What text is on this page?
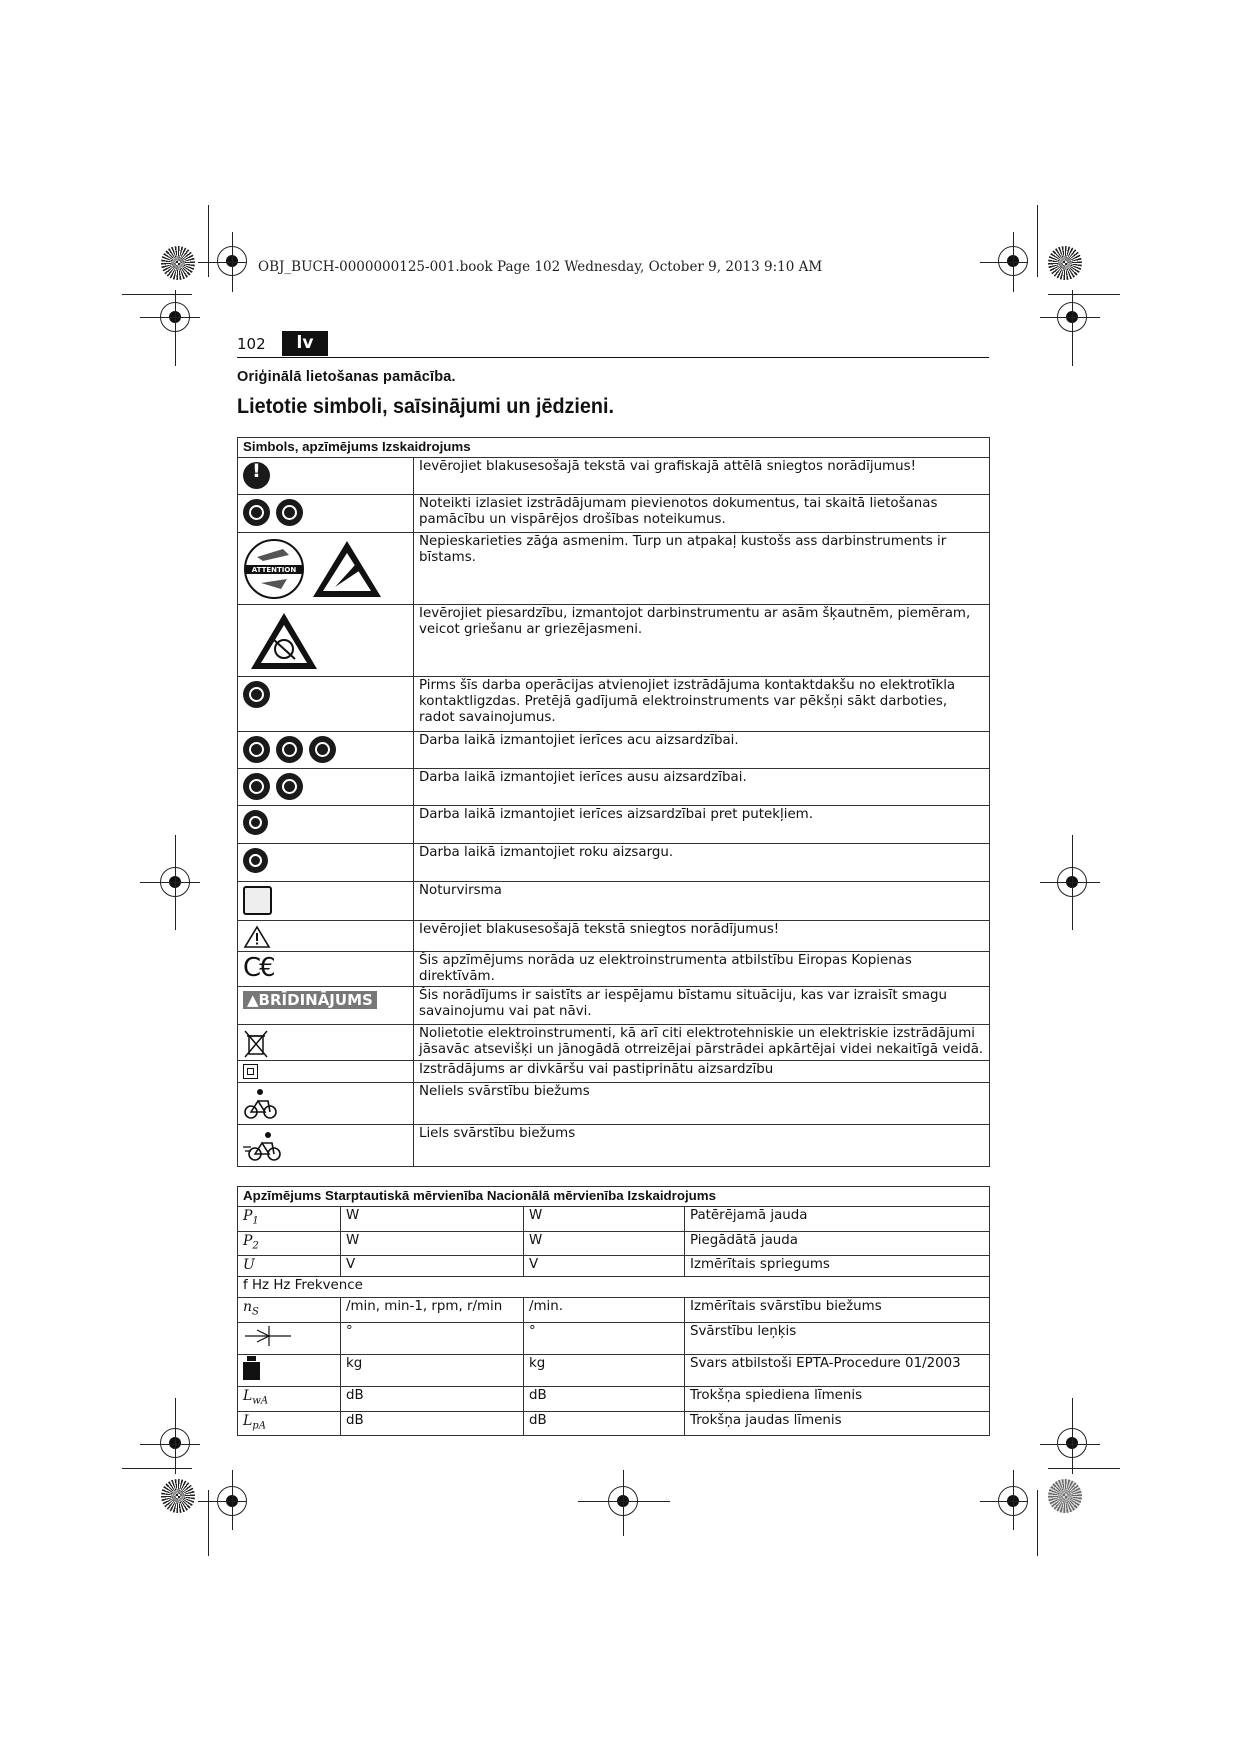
OBJ_BUCH-0000000125-001.book Page 102 Wednesday, October 9, 2013 9:10 AM
102	lv
Oriģinālā lietošanas pamācība.
Lietotie simboli, saīsinājumi un jēdzieni.
Simbols, apzīmējums Izskaidrojums	

!	Ievērojiet blakusesošajā tekstā vai grafiskajā attēlā sniegtos norādījumus!

	Noteikti izlasiet izstrādājumam pievienotos dokumentus, tai skaitā lietošanas pamācību un vispārējos drošības noteikumus.

ATTENTION	Nepieskarieties zāģa asmenim. Turp un atpakaļ kustošs ass darbinstruments ir bīstams.

	Ievērojiet piesardzību, izmantojot darbinstrumentu ar asām šķautnēm, piemēram, veicot griešanu ar griezējasmeni.

	Pirms šīs darba operācijas atvienojiet izstrādājuma kontaktdakšu no elektrotīkla kontaktligzdas. Pretējā gadījumā elektroinstruments var pēkšņi sākt darboties, radot savainojumus.

	Darba laikā izmantojiet ierīces acu aizsardzībai.

	Darba laikā izmantojiet ierīces ausu aizsardzībai.

	Darba laikā izmantojiet ierīces aizsardzībai pret putekļiem.

	Darba laikā izmantojiet roku aizsargu.

	Noturvirsma

	Ievērojiet blakusesošajā tekstā sniegtos norādījumus!

C€	Šis apzīmējums norāda uz elektroinstrumenta atbilstību Eiropas Kopienas direktīvām.

▲BRĪDINĀJUMS	Šis norādījums ir saistīts ar iespējamu bīstamu situāciju, kas var izraisīt smagu savainojumu vai pat nāvi.

	Nolietotie elektroinstrumenti, kā arī citi elektrotehniskie un elektriskie izstrādājumi jāsavāc atsevišķi un jānogādā otrreizējai pārstrādei apkārtējai videi nekaitīgā veidā.

	Izstrādājums ar divkāršu vai pastiprinātu aizsardzību

	Neliels svārstību biežums

	Liels svārstību biežums
Apzīmējums Starptautiskā mērvienība Nacionālā mērvienība Izskaidrojums			
$P_1$	W	W	Patērējamā jauda
$P_2$	W	W	Piegādātā jauda
U	V	V	Izmērītais spriegums
f Hz Hz Frekvence			
$n_S$	/min, min-1, rpm, r/min	/min.	Izmērītais svārstību biežums
	°	°	Svārstību leņķis

	kg	kg	Svars atbilstoši EPTA-Procedure 01/2003
$L_{wA}$	dB	dB	Trokšņa spiediena līmenis
$L_{pA}$	dB	dB	Trokšņa jaudas līmenis
